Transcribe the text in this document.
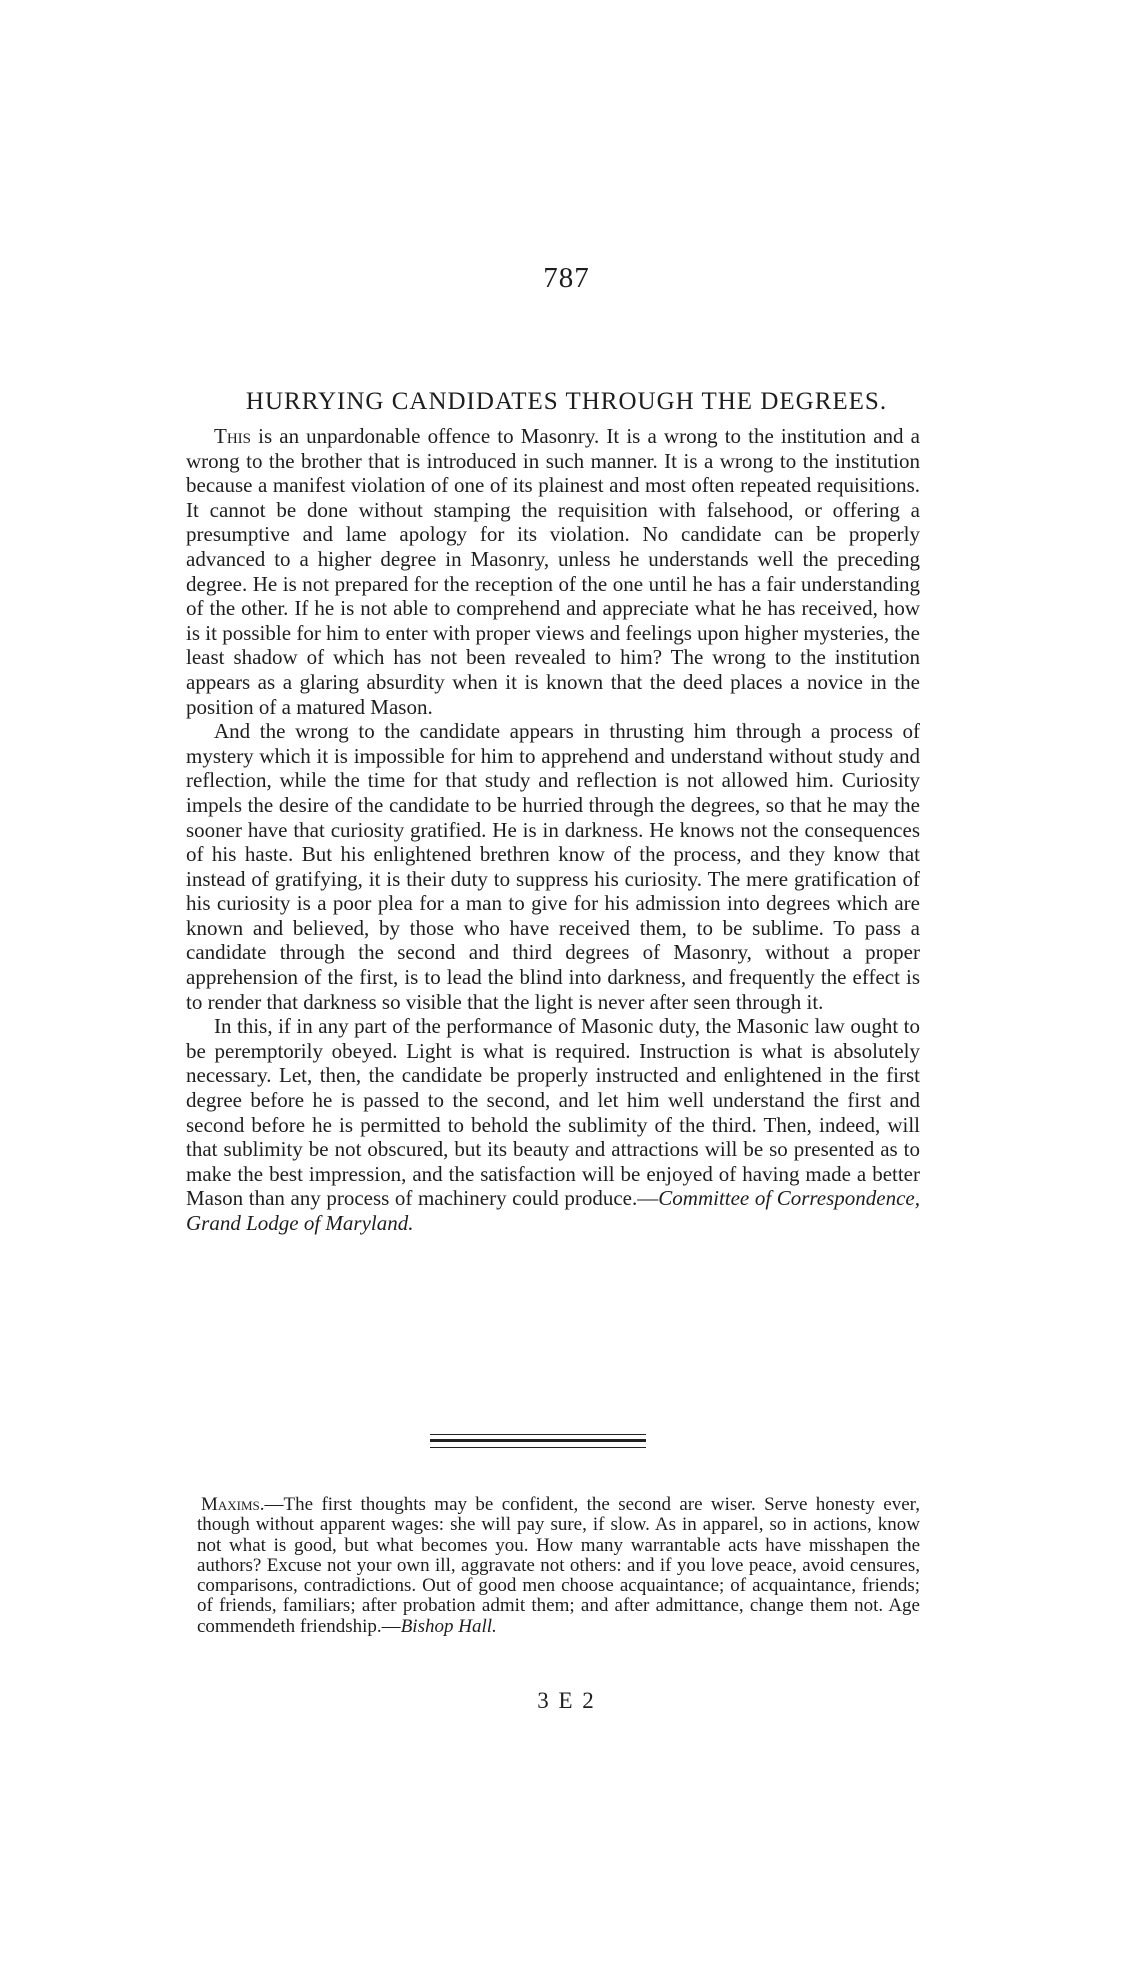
787
HURRYING CANDIDATES THROUGH THE DEGREES.

This is an unpardonable offence to Masonry. It is a wrong to the institution and a wrong to the brother that is introduced in such manner. It is a wrong to the institution because a manifest violation of one of its plainest and most often repeated requisitions. It cannot be done without stamping the requisition with falsehood, or offering a presumptive and lame apology for its violation. No candidate can be properly advanced to a higher degree in Masonry, unless he understands well the preceding degree. He is not prepared for the reception of the one until he has a fair understanding of the other. If he is not able to comprehend and appreciate what he has received, how is it possible for him to enter with proper views and feelings upon higher mysteries, the least shadow of which has not been revealed to him? The wrong to the institution appears as a glaring absurdity when it is known that the deed places a novice in the position of a matured Mason.

And the wrong to the candidate appears in thrusting him through a process of mystery which it is impossible for him to apprehend and understand without study and reflection, while the time for that study and reflection is not allowed him. Curiosity impels the desire of the candidate to be hurried through the degrees, so that he may the sooner have that curiosity gratified. He is in darkness. He knows not the consequences of his haste. But his enlightened brethren know of the process, and they know that instead of gratifying, it is their duty to suppress his curiosity. The mere gratification of his curiosity is a poor plea for a man to give for his admission into degrees which are known and believed, by those who have received them, to be sublime. To pass a candidate through the second and third degrees of Masonry, without a proper apprehension of the first, is to lead the blind into darkness, and frequently the effect is to render that darkness so visible that the light is never after seen through it.

In this, if in any part of the performance of Masonic duty, the Masonic law ought to be peremptorily obeyed. Light is what is required. Instruction is what is absolutely necessary. Let, then, the candidate be properly instructed and enlightened in the first degree before he is passed to the second, and let him well understand the first and second before he is permitted to behold the sublimity of the third. Then, indeed, will that sublimity be not obscured, but its beauty and attractions will be so presented as to make the best impression, and the satisfaction will be enjoyed of having made a better Mason than any process of machinery could produce.—Committee of Correspondence, Grand Lodge of Maryland.

Maxims.—The first thoughts may be confident, the second are wiser. Serve honesty ever, though without apparent wages: she will pay sure, if slow. As in apparel, so in actions, know not what is good, but what becomes you. How many warrantable acts have misshapen the authors? Excuse not your own ill, aggravate not others: and if you love peace, avoid censures, comparisons, contradictions. Out of good men choose acquaintance; of acquaintance, friends; of friends, familiars; after probation admit them; and after admittance, change them not. Age commendeth friendship.—Bishop Hall.

3 E 2
